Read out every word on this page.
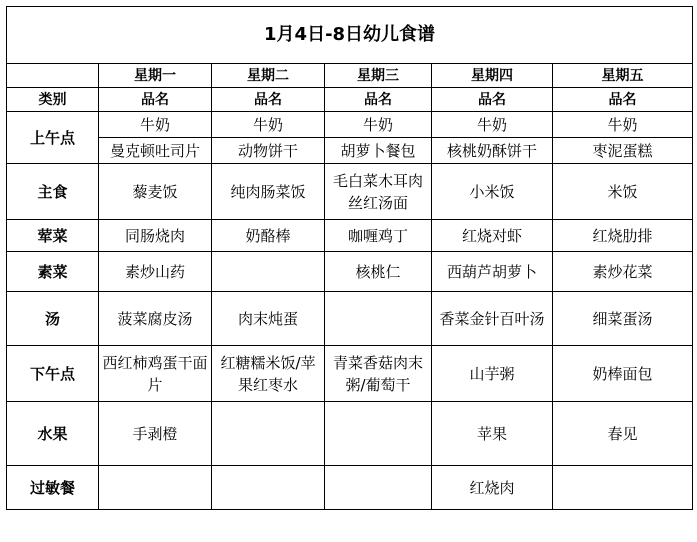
1月4日-8日幼儿食谱					
	星期一	星期二	星期三	星期四	星期五
类别	品名	品名	品名	品名	品名
上午点	牛奶	牛奶	牛奶	牛奶	牛奶
	曼克顿吐司片	动物饼干	胡萝卜餐包	核桃奶酥饼干	枣泥蛋糕
主食	藜麦饭	纯肉肠菜饭	毛白菜木耳肉丝红汤面	小米饭	米饭
荤菜	同肠烧肉	奶酪棒	咖喱鸡丁	红烧对虾	红烧肋排
素菜	素炒山药		核桃仁	西葫芦胡萝卜	素炒花菜
汤	菠菜腐皮汤	肉末炖蛋		香菜金针百叶汤	细菜蛋汤
下午点	西红柿鸡蛋干面片	红糖糯米饭/苹果红枣水	青菜香菇肉末粥/葡萄干	山芋粥	奶棒面包
水果	手剥橙			苹果	春见
过敏餐				红烧肉	
